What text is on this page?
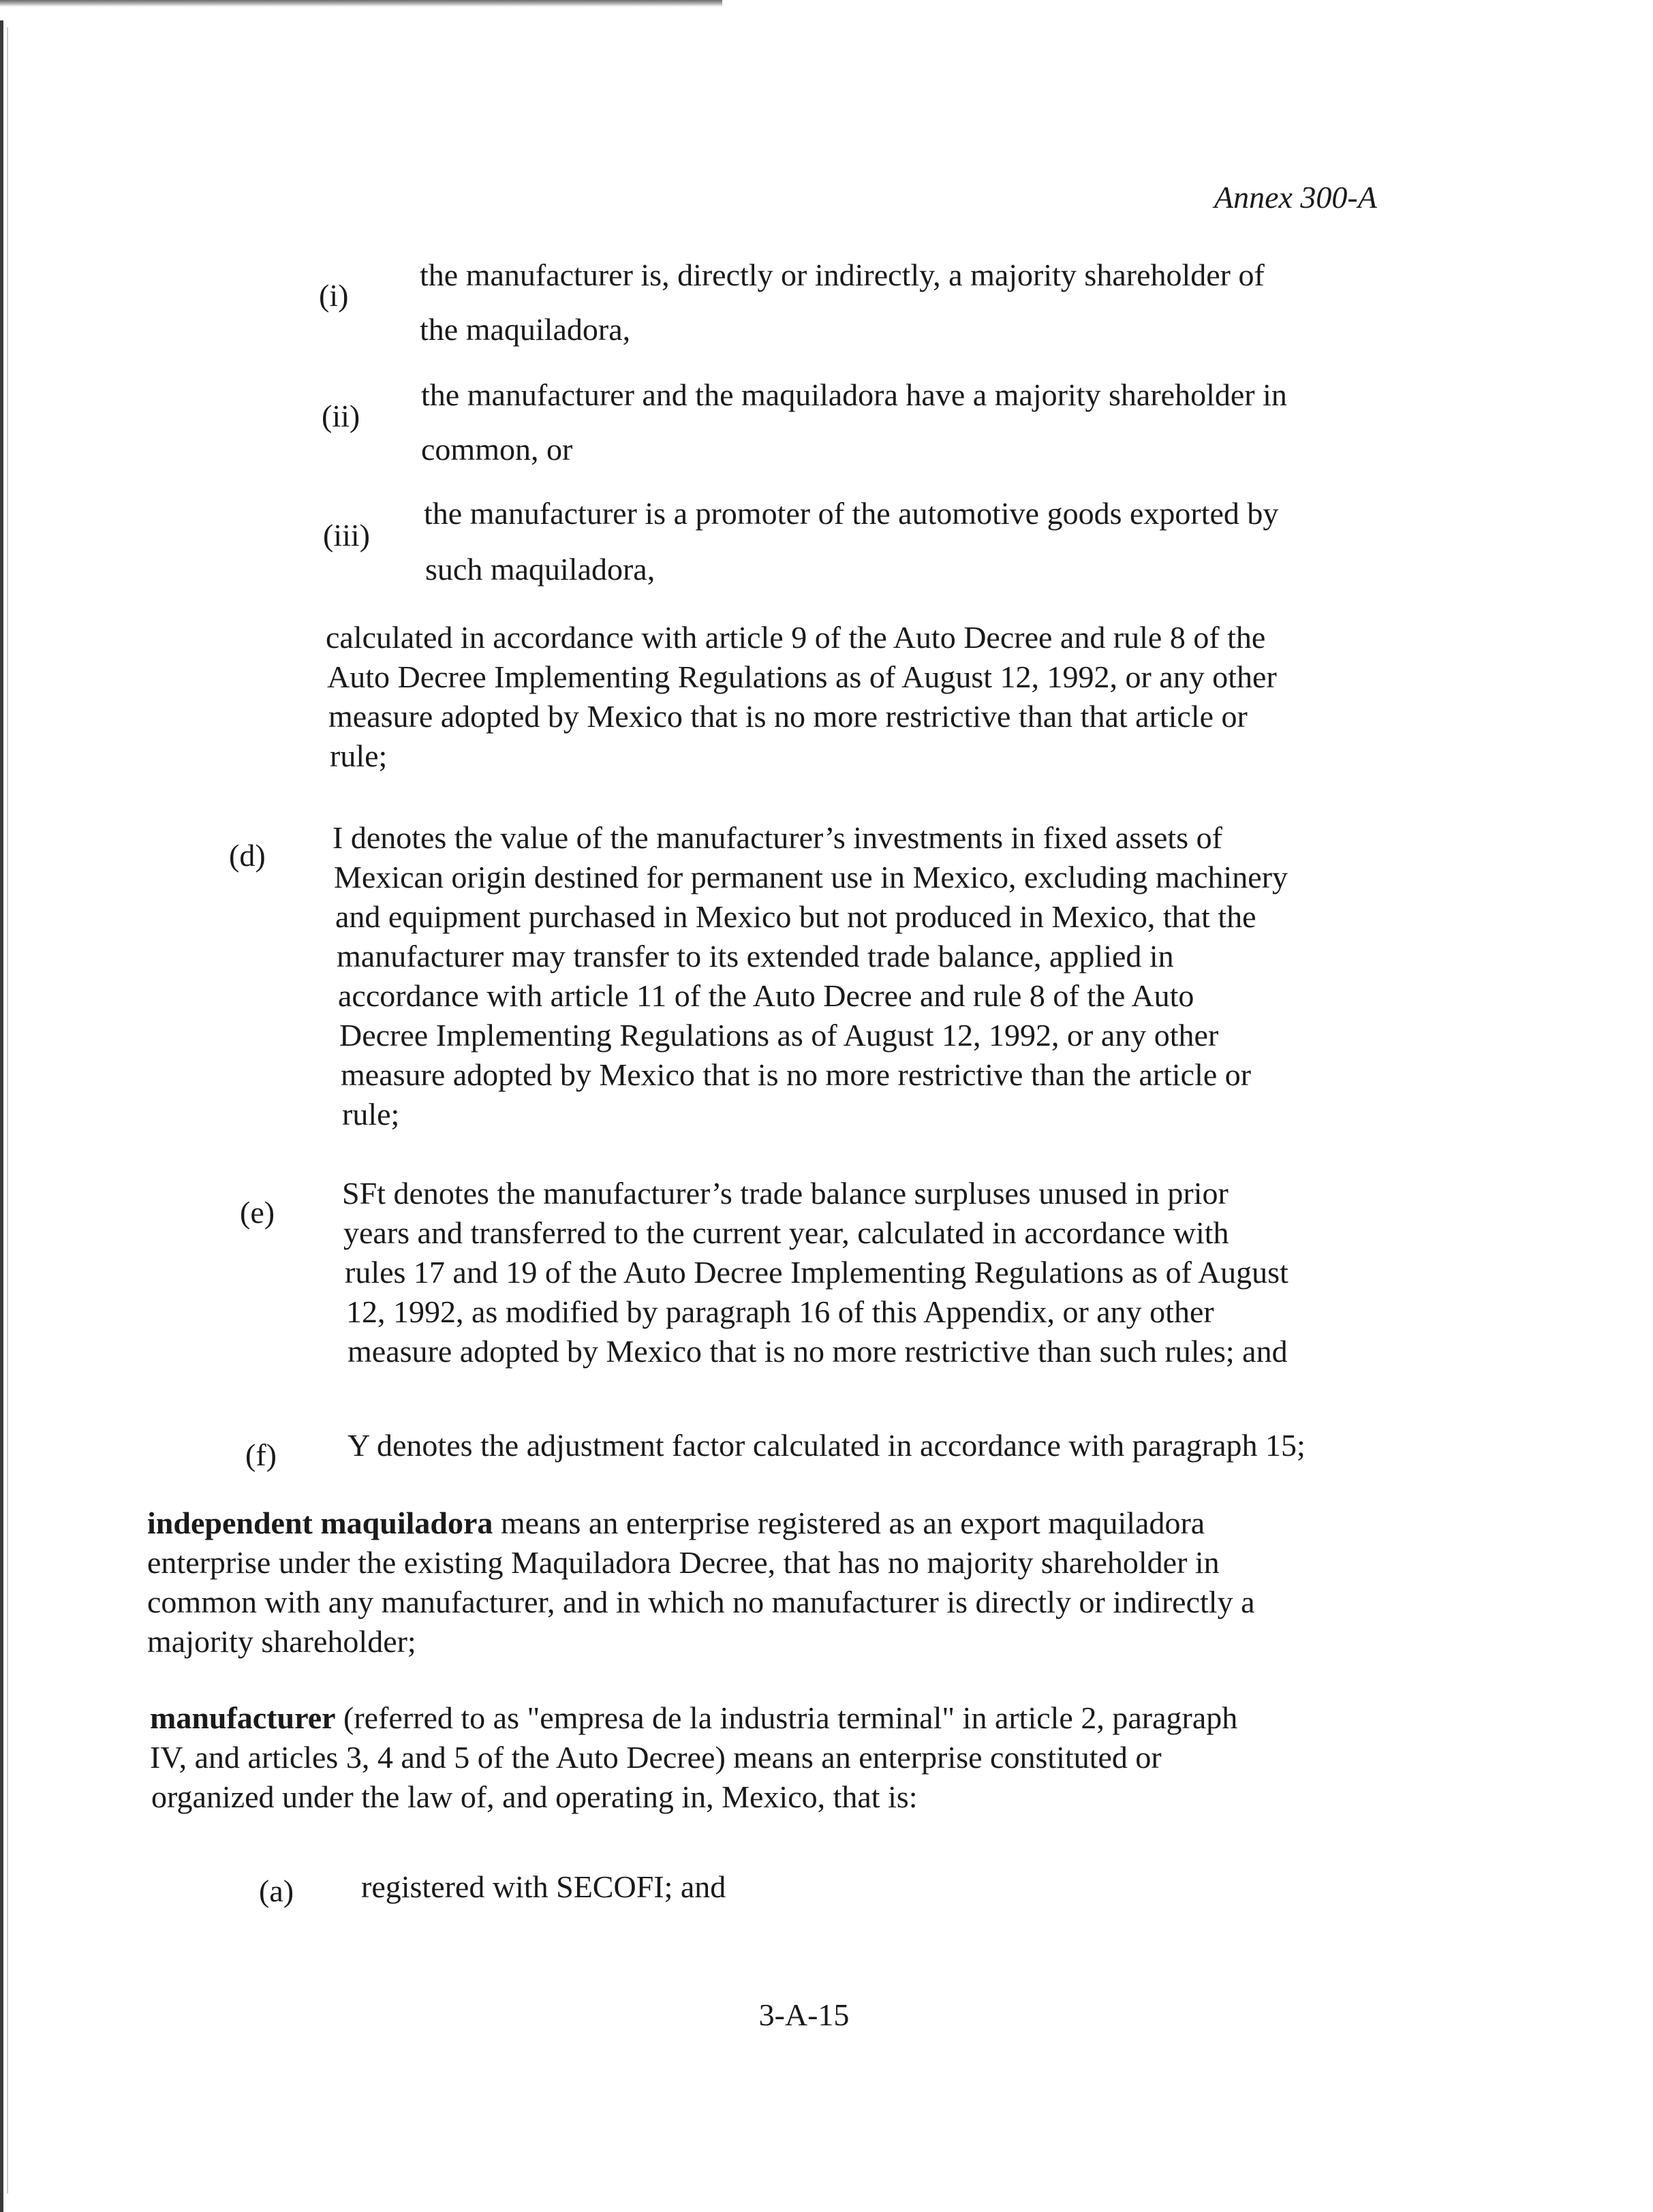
Annex 300-A
(i)
the manufacturer is, directly or indirectly, a majority shareholder of
the maquiladora,
(ii)
the manufacturer and the maquiladora have a majority shareholder in
common, or
(iii)
the manufacturer is a promoter of the automotive goods exported by
such maquiladora,
calculated in accordance with article 9 of the Auto Decree and rule 8 of the
Auto Decree Implementing Regulations as of August 12, 1992, or any other
measure adopted by Mexico that is no more restrictive than that article or
rule;
(d)
I denotes the value of the manufacturer’s investments in fixed assets of
Mexican origin destined for permanent use in Mexico, excluding machinery
and equipment purchased in Mexico but not produced in Mexico, that the
manufacturer may transfer to its extended trade balance, applied in
accordance with article 11 of the Auto Decree and rule 8 of the Auto
Decree Implementing Regulations as of August 12, 1992, or any other
measure adopted by Mexico that is no more restrictive than the article or
rule;
(e)
SFt denotes the manufacturer’s trade balance surpluses unused in prior
years and transferred to the current year, calculated in accordance with
rules 17 and 19 of the Auto Decree Implementing Regulations as of August
12, 1992, as modified by paragraph 16 of this Appendix, or any other
measure adopted by Mexico that is no more restrictive than such rules; and
(f) Y denotes the adjustment factor calculated in accordance with paragraph 15;
independent maquiladora means an enterprise registered as an export maquiladora
enterprise under the existing Maquiladora Decree, that has no majority shareholder in
common with any manufacturer, and in which no manufacturer is directly or indirectly a
majority shareholder;
manufacturer (referred to as "empresa de la industria terminal" in article 2, paragraph
IV, and articles 3, 4 and 5 of the Auto Decree) means an enterprise constituted or
organized under the law of, and operating in, Mexico, that is:
(a) registered with SECOFI; and
3-A-15
